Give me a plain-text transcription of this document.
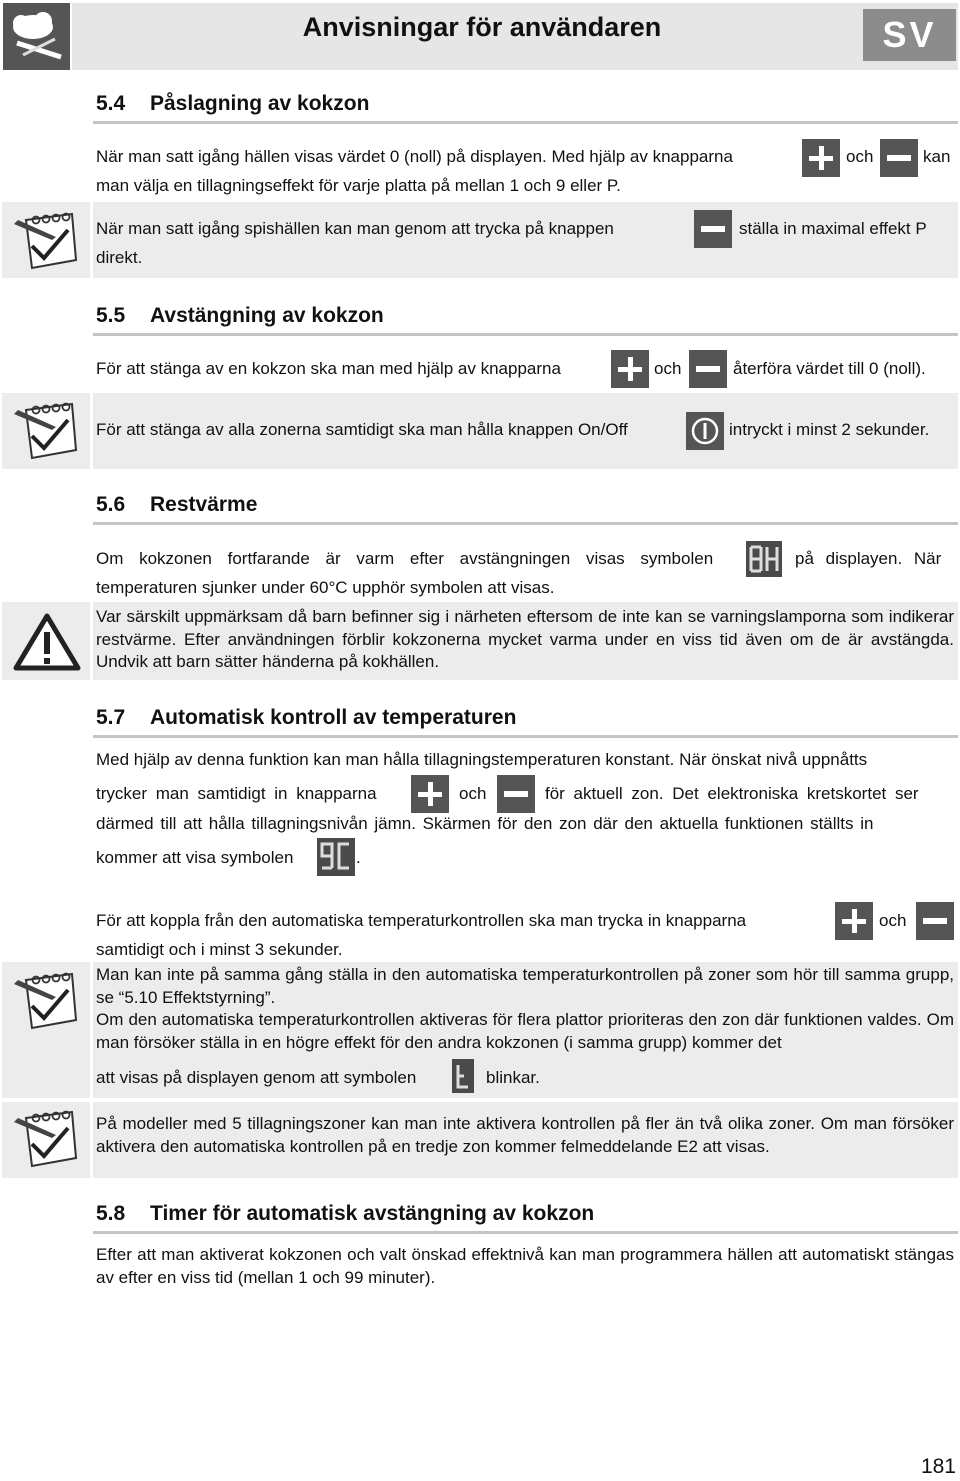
Anvisningar för användaren	SV
5.4 Påslagning av kokzon
När man satt igång hällen visas värdet 0 (noll) på displayen. Med hjälp av knapparna	och	kan
man välja en tillagningseffekt för varje platta på mellan 1 och 9 eller P.
När man satt igång spishällen kan man genom att trycka på knappen	ställa in maximal effekt P
direkt.
5.5 Avstängning av kokzon
För att stänga av en kokzon ska man med hjälp av knapparna	och	återföra värdet till 0 (noll).
För att stänga av alla zonerna samtidigt ska man hålla knappen On/Off	intryckt i minst 2 sekunder.
5.6 Restvärme
Om kokzonen fortfarande är varm efter avstängningen visas symbolen	på displayen. När
temperaturen sjunker under 60°C upphör symbolen att visas.

Var särskilt uppmärksam då barn befinner sig i närheten eftersom de inte kan se varningslamporna som indikerar restvärme. Efter användningen förblir kokzonerna mycket varma under en viss tid även om de är avstängda. Undvik att barn sätter händerna på kokhällen.

5.7 Automatisk kontroll av temperaturen
Med hjälp av denna funktion kan man hålla tillagningstemperaturen konstant. När önskat nivå uppnåtts
trycker man samtidigt in knapparna	och	för aktuell zon. Det elektroniska kretskortet ser
därmed till att hålla tillagningsnivån jämn. Skärmen för den zon där den aktuella funktionen ställts in
kommer att visa symbolen	.
För att koppla från den automatiska temperaturkontrollen ska man trycka in knapparna	och
samtidigt och i minst 3 sekunder.

Man kan inte på samma gång ställa in den automatiska temperaturkontrollen på zoner som hör till samma grupp, se “5.10 Effektstyrning”.

Om den automatiska temperaturkontrollen aktiveras för flera plattor prioriteras den zon där funktionen valdes. Om man försöker ställa in en högre effekt för den andra kokzonen (i samma grupp) kommer det

att visas på displayen genom att symbolen	blinkar.

På modeller med 5 tillagningszoner kan man inte aktivera kontrollen på fler än två olika zoner. Om man försöker aktivera den automatiska kontrollen på en tredje zon kommer felmeddelande E2 att visas.

5.8 Timer för automatisk avstängning av kokzon

Efter att man aktiverat kokzonen och valt önskad effektnivå kan man programmera hällen att automatiskt stängas av efter en viss tid (mellan 1 och 99 minuter).

181
